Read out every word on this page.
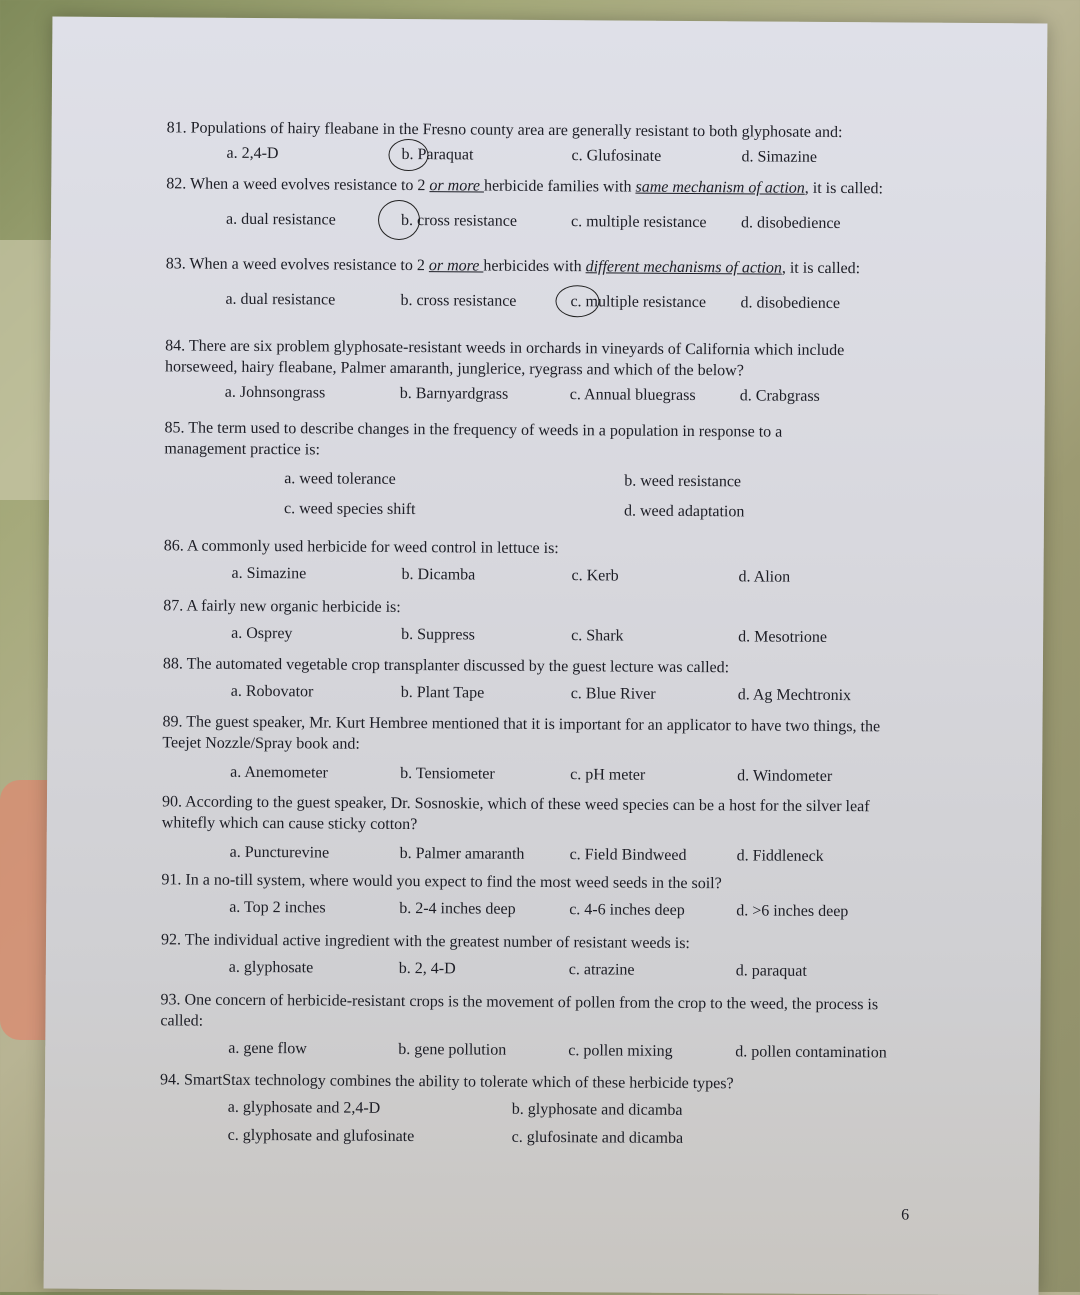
81. Populations of hairy fleabane in the Fresno county area are generally resistant to both glyphosate and:
a. 2,4-D	b. Paraquat	c. Glufosinate	d. Simazine
82. When a weed evolves resistance to 2 or more herbicide families with same mechanism of action, it is called:
a. dual resistance	b. cross resistance	c. multiple resistance d. disobedience
83. When a weed evolves resistance to 2 or more herbicides with different mechanisms of action, it is called:
a. dual resistance	b. cross resistance	c. multiple resistance d. disobedience
84. There are six problem glyphosate-resistant weeds in orchards in vineyards of California which include horseweed, hairy fleabane, Palmer amaranth, junglerice, ryegrass and which of the below?
a. Johnsongrass	b. Barnyardgrass	c. Annual bluegrass	d. Crabgrass
85. The term used to describe changes in the frequency of weeds in a population in response to a management practice is:
a. weed tolerance	b. weed resistance
c. weed species shift	d. weed adaptation
86. A commonly used herbicide for weed control in lettuce is:
a. Simazine	b. Dicamba	c. Kerb	d. Alion
87. A fairly new organic herbicide is:
a. Osprey	b. Suppress	c. Shark	d. Mesotrione
88. The automated vegetable crop transplanter discussed by the guest lecture was called:
a. Robovator	b. Plant Tape	c. Blue River	d. Ag Mechtronix
89. The guest speaker, Mr. Kurt Hembree mentioned that it is important for an applicator to have two things, the Teejet Nozzle/Spray book and:
a. Anemometer	b. Tensiometer	c. pH meter	d. Windometer
90. According to the guest speaker, Dr. Sosnoskie, which of these weed species can be a host for the silver leaf whitefly which can cause sticky cotton?
a. Puncturevine	b. Palmer amaranth	c. Field Bindweed	d. Fiddleneck
91. In a no-till system, where would you expect to find the most weed seeds in the soil?
a. Top 2 inches	b. 2-4 inches deep	c. 4-6 inches deep	d. >6 inches deep
92. The individual active ingredient with the greatest number of resistant weeds is:
a. glyphosate	b. 2, 4-D	c. atrazine	d. paraquat
93. One concern of herbicide-resistant crops is the movement of pollen from the crop to the weed, the process is called:
a. gene flow	b. gene pollution	c. pollen mixing	d. pollen contamination
94. SmartStax technology combines the ability to tolerate which of these herbicide types?
a. glyphosate and 2,4-D	b. glyphosate and dicamba
c. glyphosate and glufosinate	c. glufosinate and dicamba
6
